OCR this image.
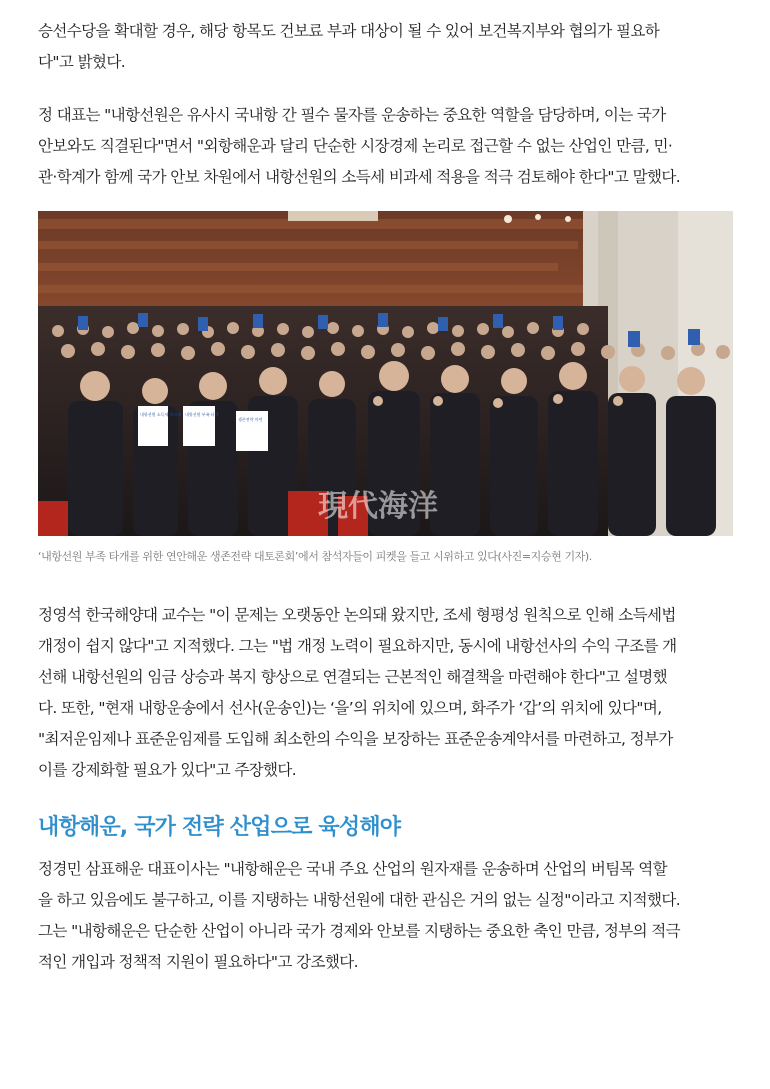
승선수당을 확대할 경우, 해당 항목도 건보료 부과 대상이 될 수 있어 보건복지부와 협의가 필요하
다"고 밝혔다.

정 대표는 "내항선원은 유사시 국내항 간 필수 물자를 운송하는 중요한 역할을 담당하며, 이는 국가
안보와도 직결된다"면서 "외항해운과 달리 단순한 시장경제 논리로 접근할 수 없는 산업인 만큼, 민·
관·학계가 함께 국가 안보 차원에서 내항선원의 소득세 비과세 적용을 적극 검토해야 한다"고 말했다.

내항선원 소득세 비과세 내항선원 부족 타개
생존전략 마련
現代海洋

‘내항선원 부족 타개를 위한 연안해운 생존전략 대토론회’에서 참석자들이 피켓을 들고 시위하고 있다(사진=지승현 기자).

정영석 한국해양대 교수는 "이 문제는 오랫동안 논의돼 왔지만, 조세 형평성 원칙으로 인해 소득세법
개정이 쉽지 않다"고 지적했다. 그는 "법 개정 노력이 필요하지만, 동시에 내항선사의 수익 구조를 개
선해 내항선원의 임금 상승과 복지 향상으로 연결되는 근본적인 해결책을 마련해야 한다"고 설명했
다. 또한, "현재 내항운송에서 선사(운송인)는 ‘을’의 위치에 있으며, 화주가 ‘갑’의 위치에 있다"며,
"최저운임제나 표준운임제를 도입해 최소한의 수익을 보장하는 표준운송계약서를 마련하고, 정부가
이를 강제화할 필요가 있다"고 주장했다.

내항해운, 국가 전략 산업으로 육성해야

정경민 삼표해운 대표이사는 "내항해운은 국내 주요 산업의 원자재를 운송하며 산업의 버팀목 역할
을 하고 있음에도 불구하고, 이를 지탱하는 내항선원에 대한 관심은 거의 없는 실정"이라고 지적했다.
그는 "내항해운은 단순한 산업이 아니라 국가 경제와 안보를 지탱하는 중요한 축인 만큼, 정부의 적극
적인 개입과 정책적 지원이 필요하다"고 강조했다.
